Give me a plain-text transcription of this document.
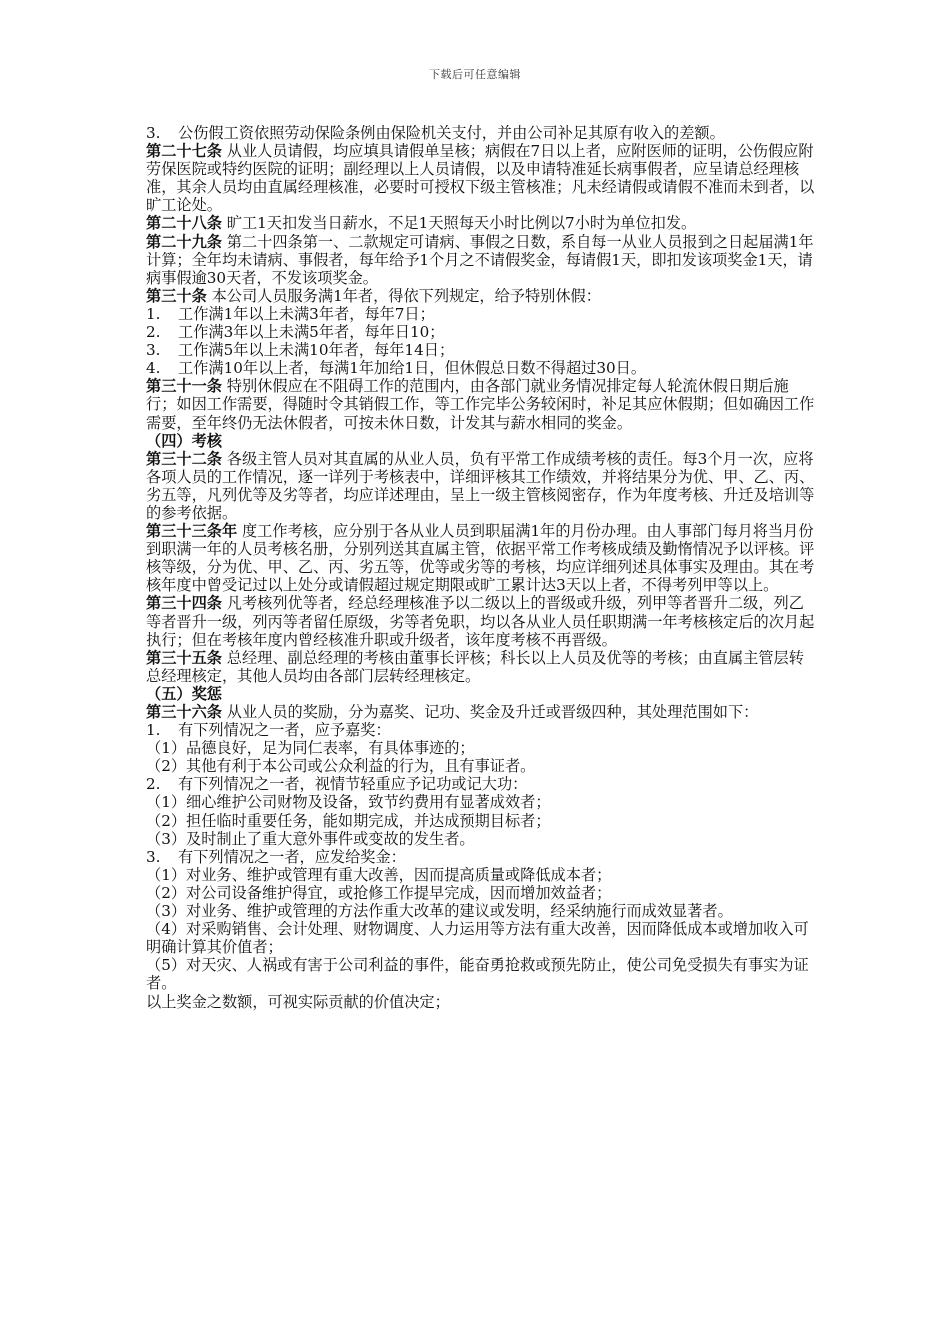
下载后可任意编辑
3. 公伤假工资依照劳动保险条例由保险机关支付，并由公司补足其原有收入的差额。
第二十七条 从业人员请假，均应填具请假单呈核；病假在7日以上者，应附医师的证明，公伤假应附劳保医院或特约医院的证明；副经理以上人员请假，以及申请特准延长病事假者，应呈请总经理核准，其余人员均由直属经理核准，必要时可授权下级主管核准；凡未经请假或请假不准而未到者，以旷工论处。
第二十八条 旷工1天扣发当日薪水，不足1天照每天小时比例以7小时为单位扣发。
第二十九条 第二十四条第一、二款规定可请病、事假之日数，系自每一从业人员报到之日起届满1年计算；全年均未请病、事假者，每年给予1个月之不请假奖金，每请假1天，即扣发该项奖金1天，请病事假逾30天者，不发该项奖金。
第三十条 本公司人员服务满1年者，得依下列规定，给予特别休假：
1. 工作满1年以上未满3年者，每年7日；
2. 工作满3年以上未满5年者，每年日10；
3. 工作满5年以上未满10年者，每年14日；
4. 工作满10年以上者，每满1年加给1日，但休假总日数不得超过30日。
第三十一条 特别休假应在不阻碍工作的范围内，由各部门就业务情况排定每人轮流休假日期后施行；如因工作需要，得随时令其销假工作，等工作完毕公务较闲时，补足其应休假期；但如确因工作需要，至年终仍无法休假者，可按未休日数，计发其与薪水相同的奖金。
（四）考核
第三十二条 各级主管人员对其直属的从业人员，负有平常工作成绩考核的责任。每3个月一次，应将各项人员的工作情况，逐一详列于考核表中，详细评核其工作绩效，并将结果分为优、甲、乙、丙、劣五等，凡列优等及劣等者，均应详述理由，呈上一级主管核阅密存，作为年度考核、升迁及培训等的参考依据。
第三十三条年 度工作考核，应分别于各从业人员到职届满1年的月份办理。由人事部门每月将当月份到职满一年的人员考核名册，分别列送其直属主管，依据平常工作考核成绩及勤惰情况予以评核。评核等级，分为优、甲、乙、丙、劣五等，优等或劣等的考核，均应详细列述具体事实及理由。其在考核年度中曾受记过以上处分或请假超过规定期限或旷工累计达3天以上者，不得考列甲等以上。
第三十四条 凡考核列优等者，经总经理核准予以二级以上的晋级或升级，列甲等者晋升二级，列乙等者晋升一级，列丙等者留任原级，劣等者免职，均以各从业人员任职期满一年考核核定后的次月起执行；但在考核年度内曾经核准升职或升级者，该年度考核不再晋级。
第三十五条 总经理、副总经理的考核由董事长评核；科长以上人员及优等的考核；由直属主管层转总经理核定，其他人员均由各部门层转经理核定。
（五）奖惩
第三十六条 从业人员的奖励，分为嘉奖、记功、奖金及升迁或晋级四种，其处理范围如下：
1. 有下列情况之一者，应予嘉奖：
（1）品德良好，足为同仁表率，有具体事迹的；
（2）其他有利于本公司或公众利益的行为，且有事证者。
2. 有下列情况之一者，视情节轻重应予记功或记大功：
（1）细心维护公司财物及设备，致节约费用有显著成效者；
（2）担任临时重要任务，能如期完成，并达成预期目标者；
（3）及时制止了重大意外事件或变故的发生者。
3. 有下列情况之一者，应发给奖金：
（1）对业务、维护或管理有重大改善，因而提高质量或降低成本者；
（2）对公司设备维护得宜，或抢修工作提早完成，因而增加效益者；
（3）对业务、维护或管理的方法作重大改革的建议或发明，经采纳施行而成效显著者。
（4）对采购销售、会计处理、财物调度、人力运用等方法有重大改善，因而降低成本或增加收入可明确计算其价值者；
（5）对天灾、人祸或有害于公司利益的事件，能奋勇抢救或预先防止，使公司免受损失有事实为证者。
以上奖金之数额，可视实际贡献的价值决定；
